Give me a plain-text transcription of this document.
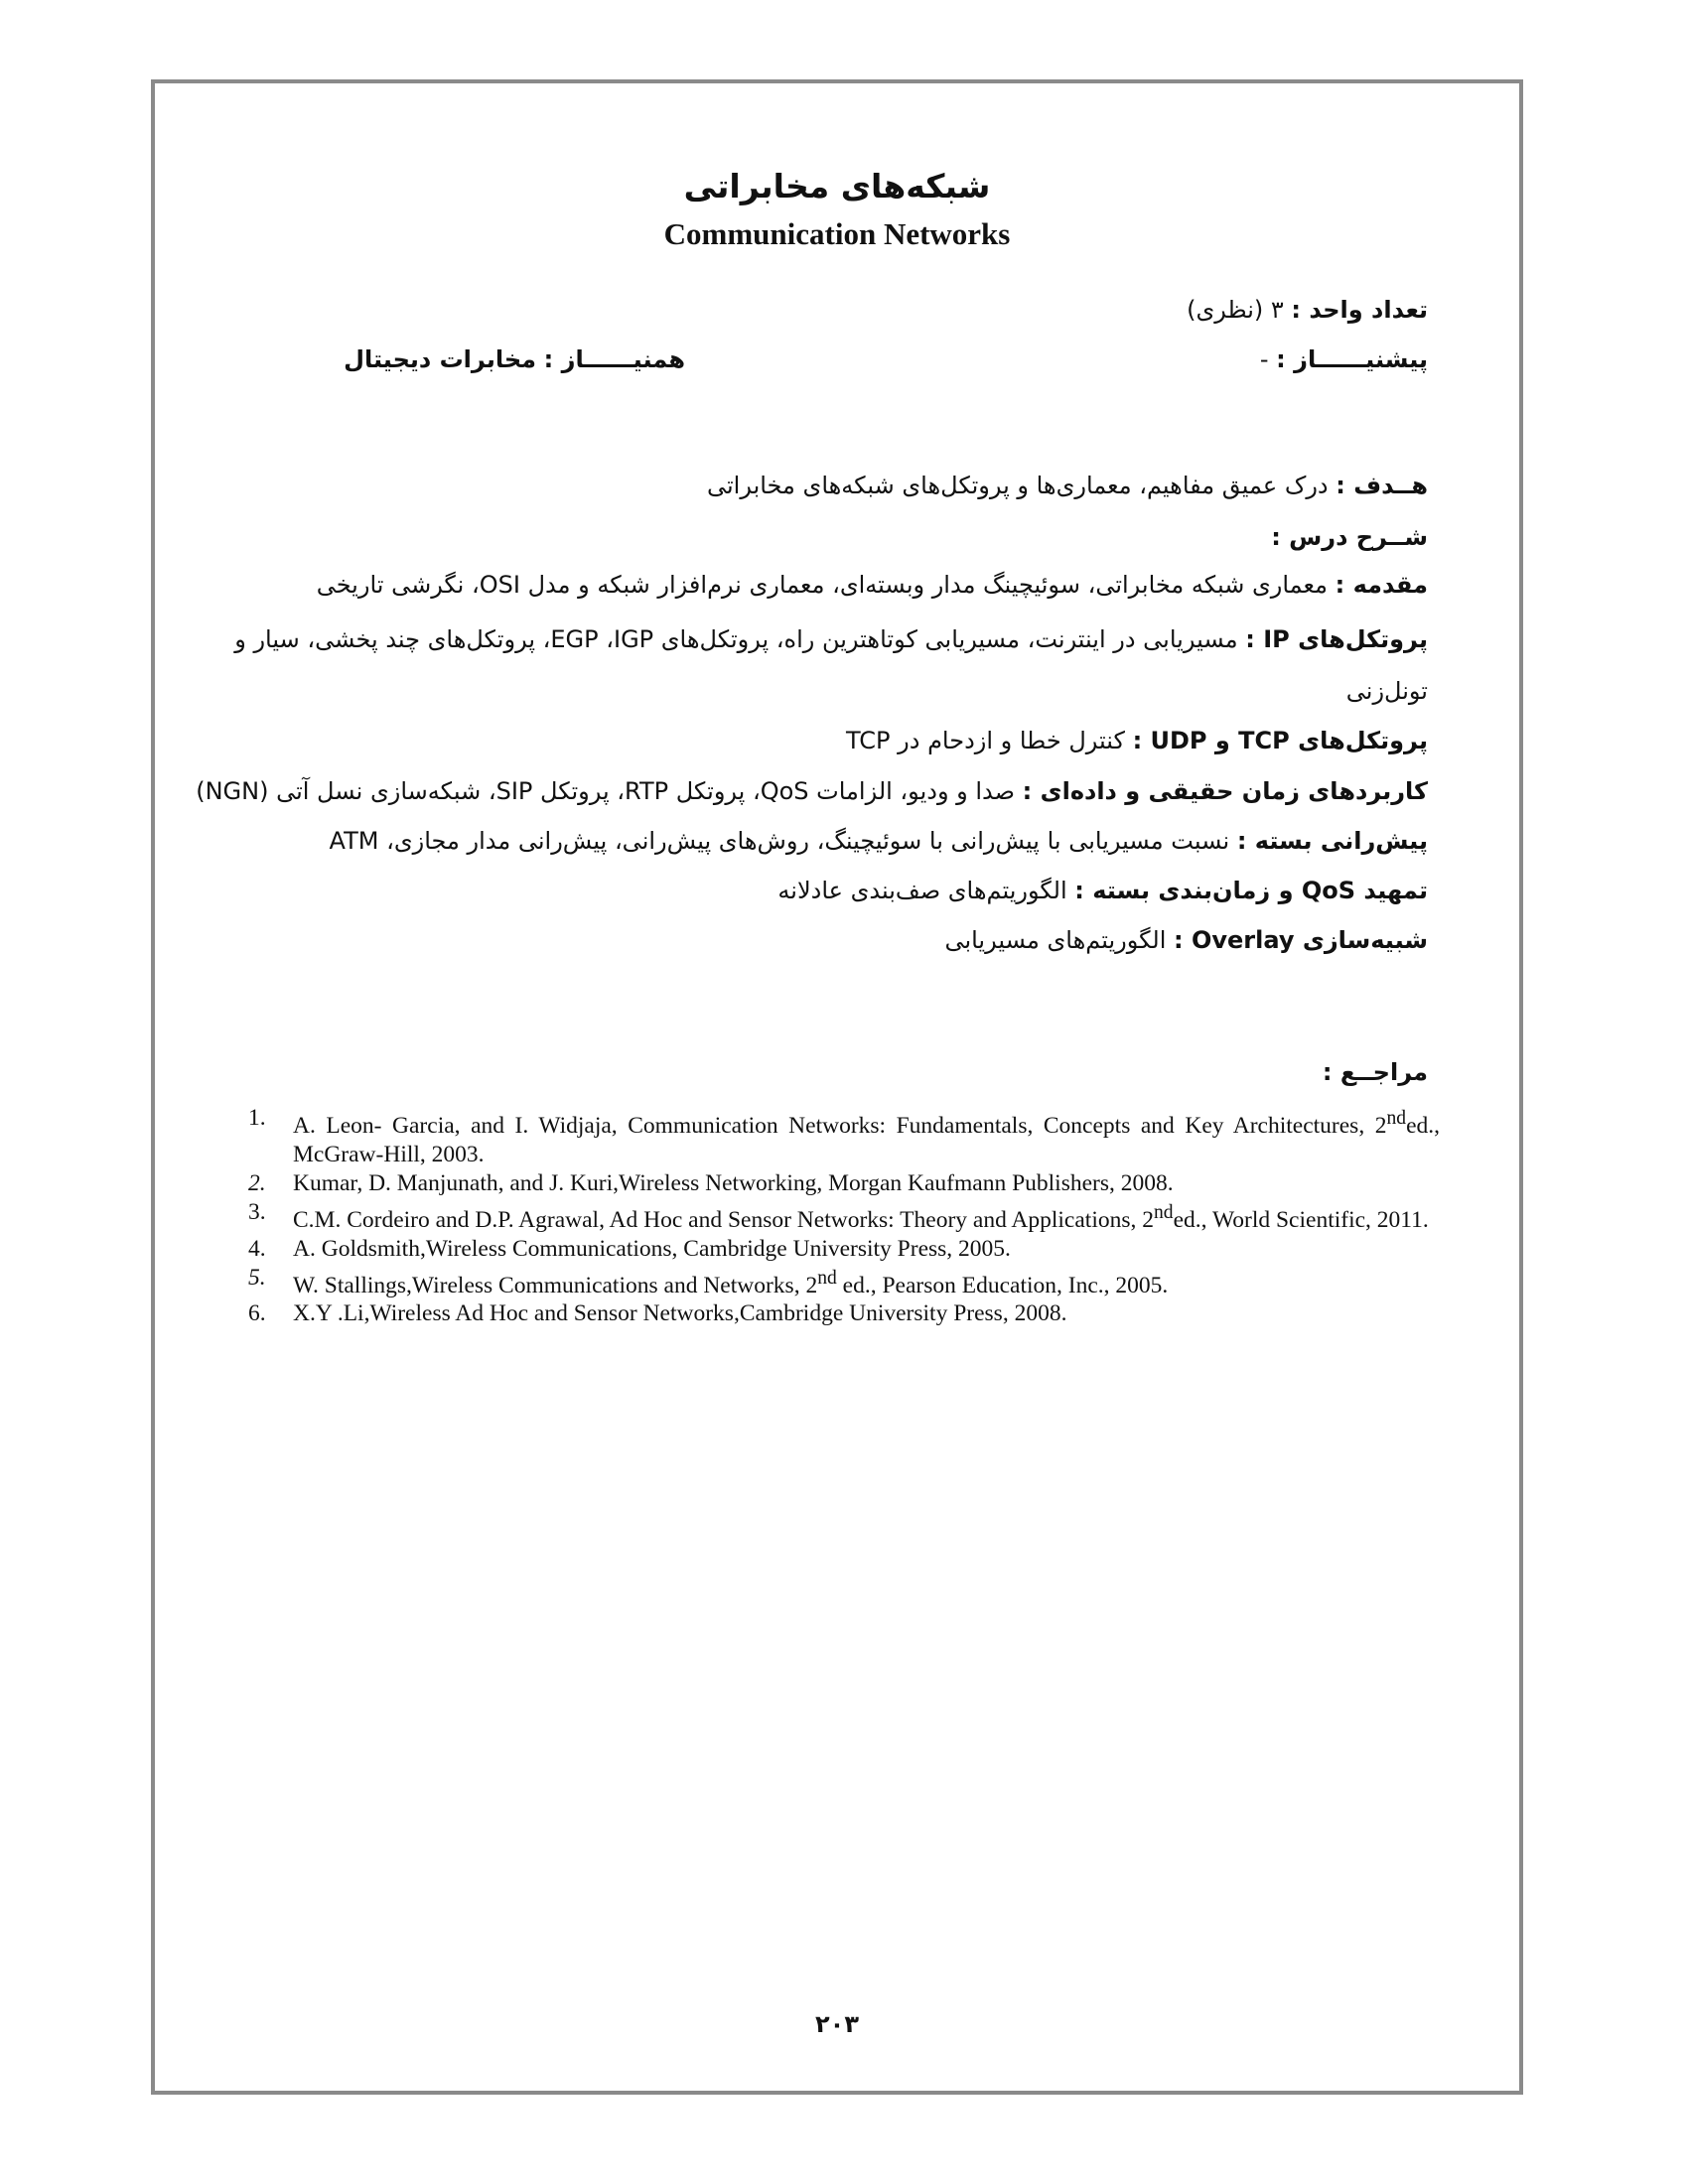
شبکه‌های مخابراتی
Communication Networks
تعداد واحد : ۳ (نظری)
پیشنیــــــاز : -
همنیــــــاز : مخابرات دیجیتال
هــدف : درک عمیق مفاهیم، معماری‌ها و پروتکل‌های شبکه‌های مخابراتی
شــرح درس :
مقدمه : معماری شبکه مخابراتی، سوئیچینگ مدار وبسته‌ای، معماری نرم‌افزار شبکه و مدل OSI، نگرشی تاریخی
پروتکل‌های IP : مسیریابی در اینترنت، مسیریابی کوتاهترین راه، پروتکل‌های EGP ،IGP، پروتکل‌های چند پخشی، سیار و
تونل‌زنی
پروتکل‌های TCP و UDP : کنترل خطا و ازدحام در TCP
کاربردهای زمان حقیقی و داده‌ای : صدا و ودیو، الزامات QoS، پروتکل RTP، پروتکل SIP، شبکه‌سازی نسل آتی (NGN)
پیش‌رانی بسته : نسبت مسیریابی با پیش‌رانی با سوئیچینگ، روش‌های پیش‌رانی، پیش‌رانی مدار مجازی، ATM
تمهید QoS و زمان‌بندی بسته : الگوریتم‌های صف‌بندی عادلانه
شبیه‌سازی Overlay : الگوریتم‌های مسیریابی
مراجــع :
1. A. Leon- Garcia, and I. Widjaja, Communication Networks: Fundamentals, Concepts and Key Architectures, 2nded., McGraw-Hill, 2003.
2. Kumar, D. Manjunath, and J. Kuri,Wireless Networking, Morgan Kaufmann Publishers, 2008.
3. C.M. Cordeiro and D.P. Agrawal, Ad Hoc and Sensor Networks: Theory and Applications, 2nded., World Scientific, 2011.
4. A. Goldsmith,Wireless Communications, Cambridge University Press, 2005.
5. W. Stallings,Wireless Communications and Networks, 2nd ed., Pearson Education, Inc., 2005.
6. X.Y .Li,Wireless Ad Hoc and Sensor Networks,Cambridge University Press, 2008.
۲۰۳
